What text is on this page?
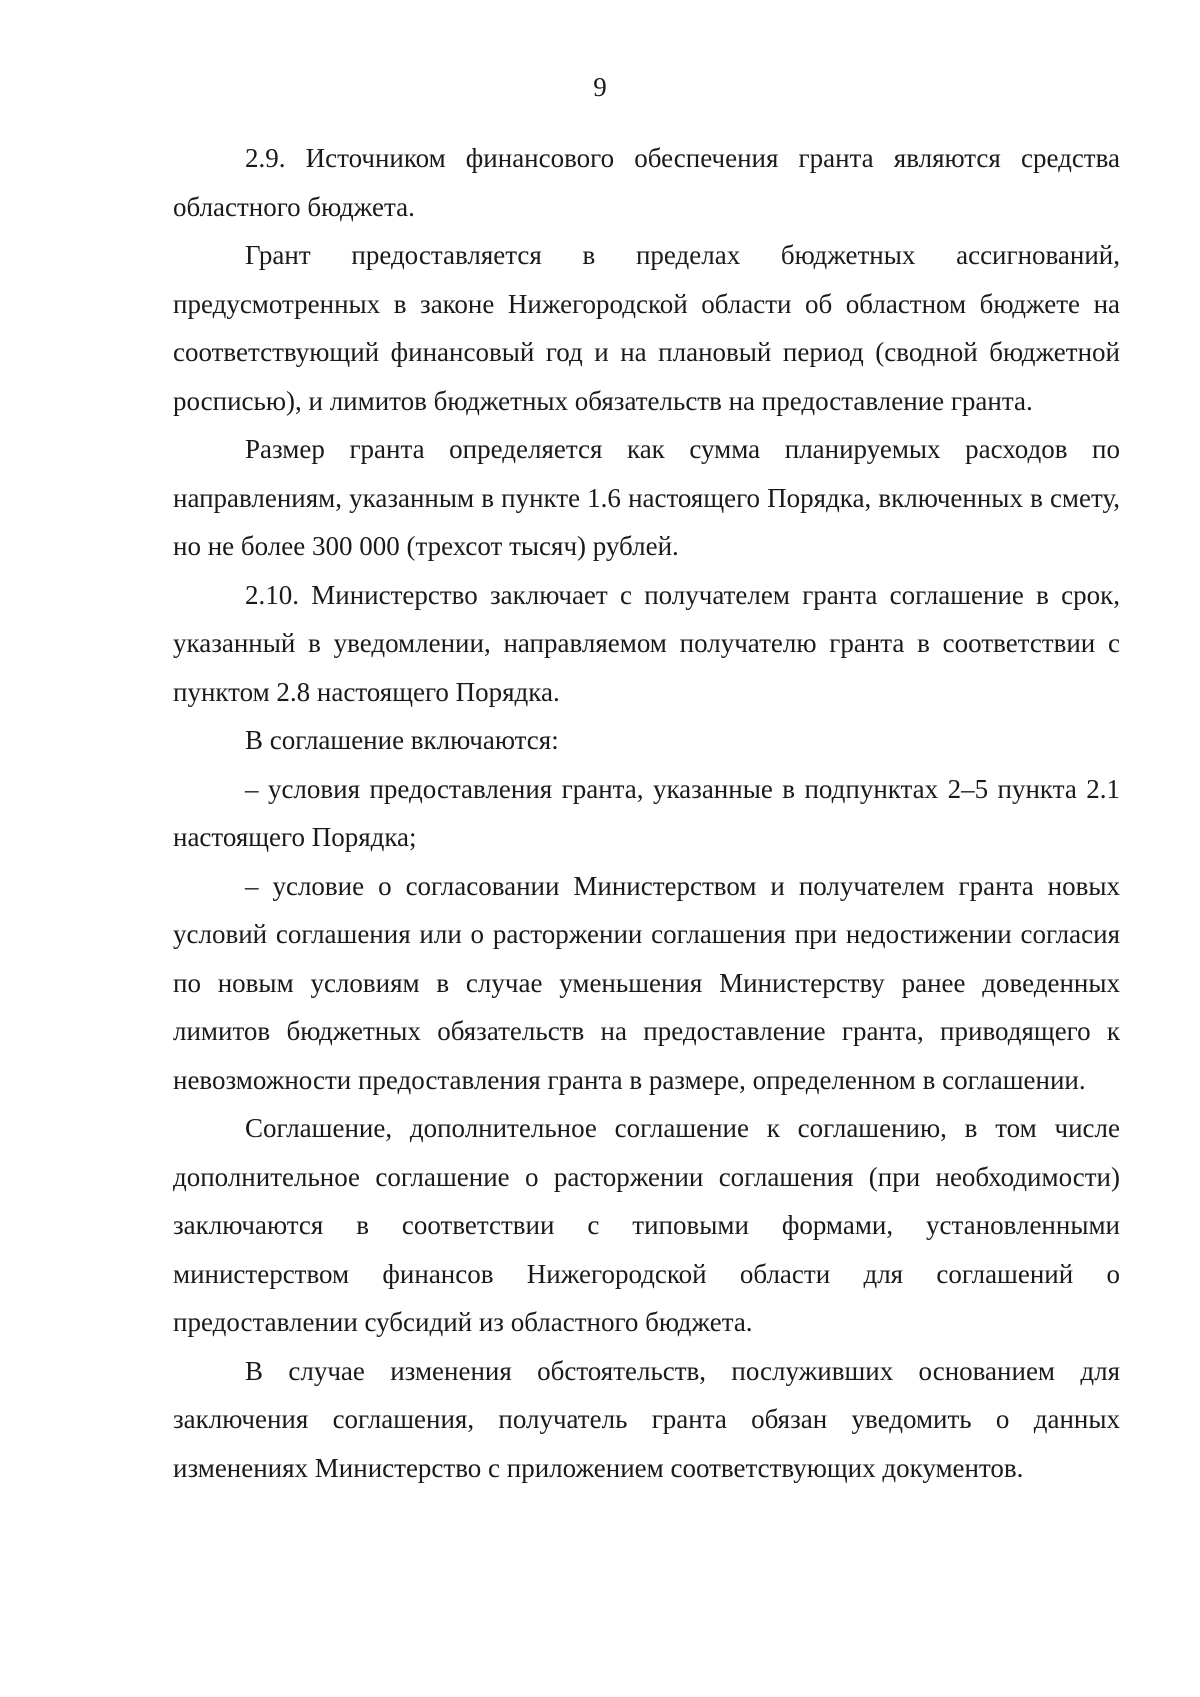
9

2.9. Источником финансового обеспечения гранта являются средства областного бюджета.

Грант предоставляется в пределах бюджетных ассигнований, предусмотренных в законе Нижегородской области об областном бюджете на соответствующий финансовый год и на плановый период (сводной бюджетной росписью), и лимитов бюджетных обязательств на предоставление гранта.

Размер гранта определяется как сумма планируемых расходов по направлениям, указанным в пункте 1.6 настоящего Порядка, включенных в смету, но не более 300 000 (трехсот тысяч) рублей.

2.10. Министерство заключает с получателем гранта соглашение в срок, указанный в уведомлении, направляемом получателю гранта в соответствии с пунктом 2.8 настоящего Порядка.

В соглашение включаются:

– условия предоставления гранта, указанные в подпунктах 2–5 пункта 2.1 настоящего Порядка;

– условие о согласовании Министерством и получателем гранта новых условий соглашения или о расторжении соглашения при недостижении согласия по новым условиям в случае уменьшения Министерству ранее доведенных лимитов бюджетных обязательств на предоставление гранта, приводящего к невозможности предоставления гранта в размере, определенном в соглашении.

Соглашение, дополнительное соглашение к соглашению, в том числе дополнительное соглашение о расторжении соглашения (при необходимости) заключаются в соответствии с типовыми формами, установленными министерством финансов Нижегородской области для соглашений о предоставлении субсидий из областного бюджета.

В случае изменения обстоятельств, послуживших основанием для заключения соглашения, получатель гранта обязан уведомить о данных изменениях Министерство с приложением соответствующих документов.
